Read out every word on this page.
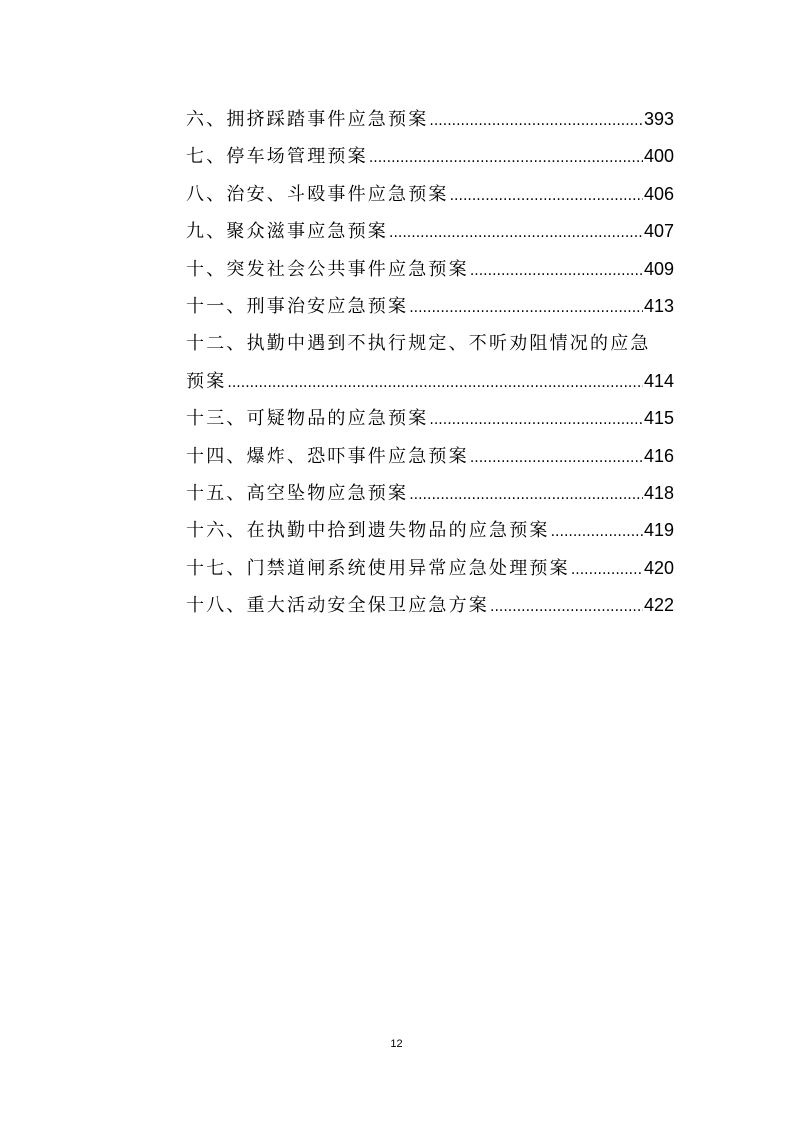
六、拥挤踩踏事件应急预案 .....	393
七、停车场管理预案 .....	400
八、治安、斗殴事件应急预案 .....	406
九、聚众滋事应急预案 .....	407
十、突发社会公共事件应急预案 .....	409
十一、刑事治安应急预案 .....	413
十二、执勤中遇到不执行规定、不听劝阻情况的应急
预案 .....	414
十三、可疑物品的应急预案 .....	415
十四、爆炸、恐吓事件应急预案 .....	416
十五、高空坠物应急预案 .....	418
十六、在执勤中拾到遗失物品的应急预案 .....	419
十七、门禁道闸系统使用异常应急处理预案 .....	420
十八、重大活动安全保卫应急方案 .....	422
12
